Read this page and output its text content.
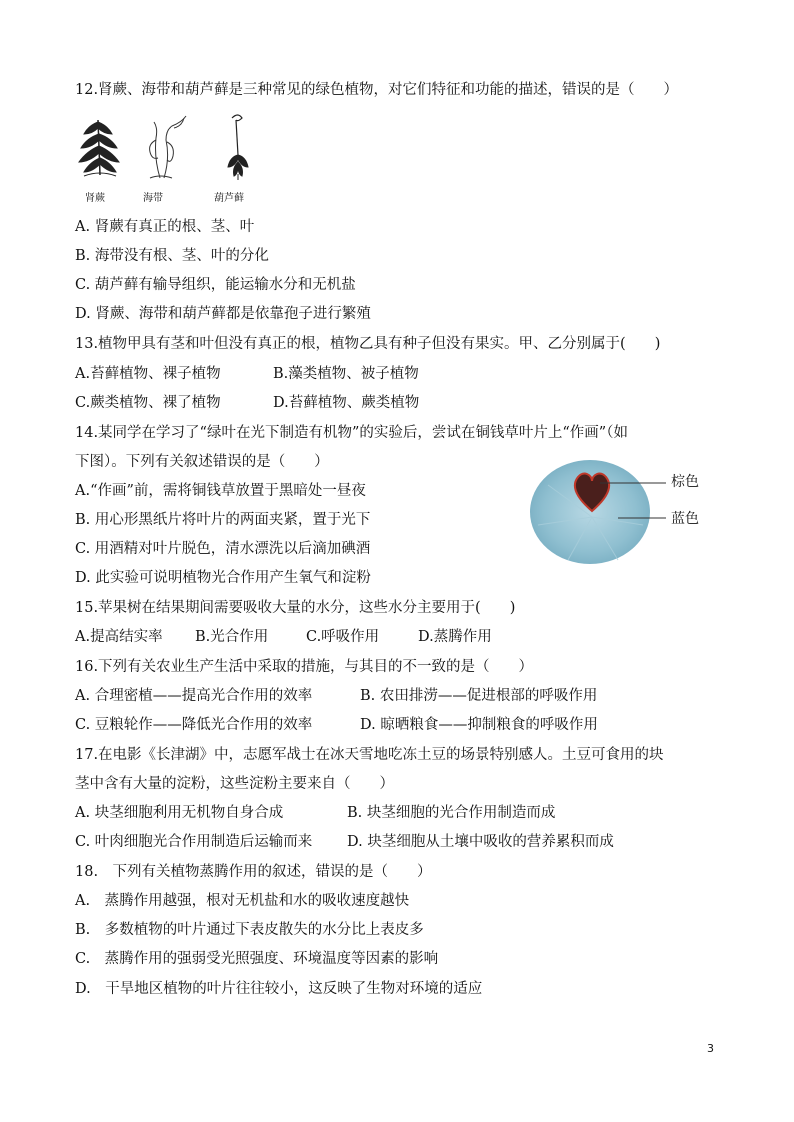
12.肾蕨、海带和葫芦藓是三种常见的绿色植物，对它们特征和功能的描述，错误的是（　　）
肾蕨	海带	葫芦藓
A. 肾蕨有真正的根、茎、叶
B. 海带没有根、茎、叶的分化
C. 葫芦藓有输导组织，能运输水分和无机盐
D. 肾蕨、海带和葫芦藓都是依靠孢子进行繁殖
13.植物甲具有茎和叶但没有真正的根，植物乙具有种子但没有果实。甲、乙分别属于(　　)
A.苔藓植物、裸子植物	B.藻类植物、被子植物
C.蕨类植物、裸了植物	D.苔藓植物、蕨类植物
14.某同学在学习了“绿叶在光下制造有机物”的实验后，尝试在铜钱草叶片上“作画”（如
下图）。下列有关叙述错误的是（　　）
A.“作画”前，需将铜钱草放置于黑暗处一昼夜
B. 用心形黑纸片将叶片的两面夹紧，置于光下
C. 用酒精对叶片脱色，清水漂洗以后滴加碘酒
D. 此实验可说明植物光合作用产生氧气和淀粉
棕色
蓝色
15.苹果树在结果期间需要吸收大量的水分，这些水分主要用于(　　)
A.提高结实率 B.光合作用	C.呼吸作用	D.蒸腾作用
16.下列有关农业生产生活中采取的措施，与其目的不一致的是（　　）
A. 合理密植——提高光合作用的效率	B. 农田排涝——促进根部的呼吸作用
C. 豆粮轮作——降低光合作用的效率	D. 晾晒粮食——抑制粮食的呼吸作用
17.在电影《长津湖》中，志愿军战士在冰天雪地吃冻土豆的场景特别感人。土豆可食用的块
茎中含有大量的淀粉，这些淀粉主要来自（　　）
A. 块茎细胞利用无机物自身合成	B. 块茎细胞的光合作用制造而成
C. 叶肉细胞光合作用制造后运输而来 D. 块茎细胞从土壤中吸收的营养累积而成
18.　下列有关植物蒸腾作用的叙述，错误的是（　　）
A.　蒸腾作用越强，根对无机盐和水的吸收速度越快
B.　多数植物的叶片通过下表皮散失的水分比上表皮多
C.　蒸腾作用的强弱受光照强度、环境温度等因素的影响
D.　干旱地区植物的叶片往往较小，这反映了生物对环境的适应
3
